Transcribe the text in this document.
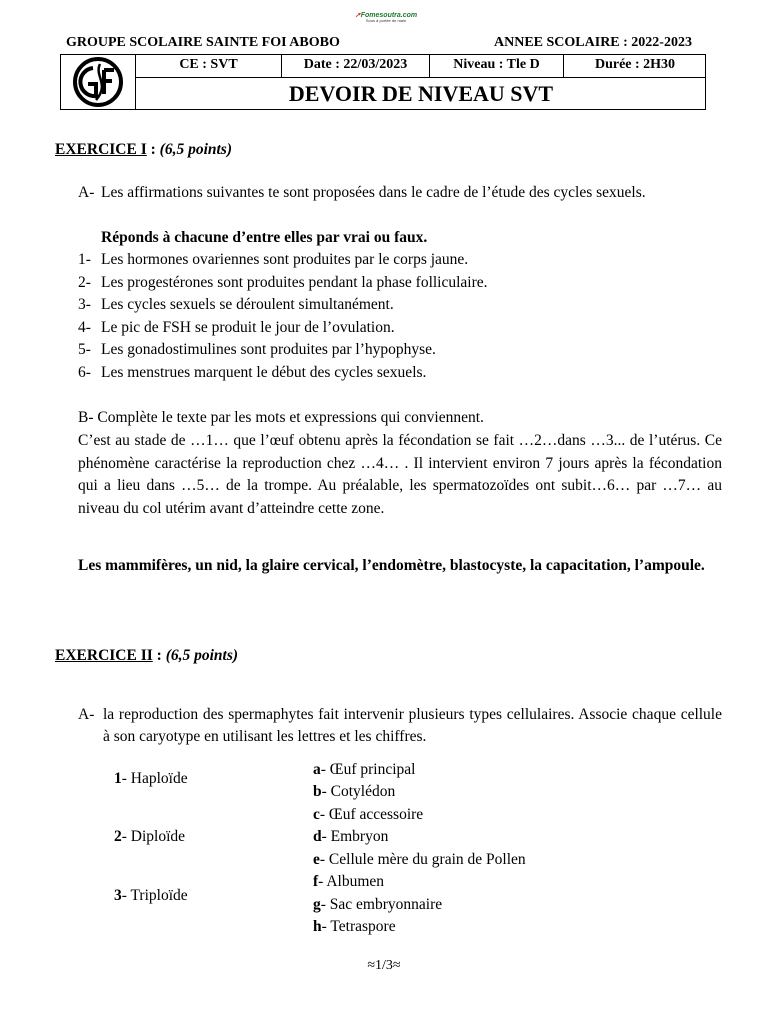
➚Fomesoutra.com
Sous à portée de main
GROUPE SCOLAIRE SAINTE FOI ABOBO	ANNEE SCOLAIRE : 2022-2023
CE : SVT	Date : 22/03/2023	Niveau : Tle D	Durée : 2H30
DEVOIR DE NIVEAU SVT
EXERCICE I : (6,5 points)
A- Les affirmations suivantes te sont proposées dans le cadre de l’étude des cycles sexuels.
Réponds à chacune d’entre elles par vrai ou faux.
1- Les hormones ovariennes sont produites par le corps jaune.
2- Les progestérones sont produites pendant la phase folliculaire.
3- Les cycles sexuels se déroulent simultanément.
4- Le pic de FSH se produit le jour de l’ovulation.
5- Les gonadostimulines sont produites par l’hypophyse.
6- Les menstrues marquent le début des cycles sexuels.
B- Complète le texte par les mots et expressions qui conviennent.
C’est au stade de …1… que l’œuf obtenu après la fécondation se fait …2…dans …3... de l’utérus. Ce phénomène caractérise la reproduction chez …4… . Il intervient environ 7 jours après la fécondation qui a lieu dans …5… de la trompe. Au préalable, les spermatozoïdes ont subit…6… par …7… au niveau du col utérim avant d’atteindre cette zone.
Les mammifères, un nid, la glaire cervical, l’endomètre, blastocyste, la capacitation, l’ampoule.
EXERCICE II : (6,5 points)
A- la reproduction des spermaphytes fait intervenir plusieurs types cellulaires. Associe chaque cellule à son caryotype en utilisant les lettres et les chiffres.
1- Haploïde
2- Diploïde
3- Triploïde
a- Œuf principal
b- Cotylédon
c- Œuf accessoire
d- Embryon
e- Cellule mère du grain de Pollen
f- Albumen
g- Sac embryonnaire
h- Tetraspore
≈1/3≈
